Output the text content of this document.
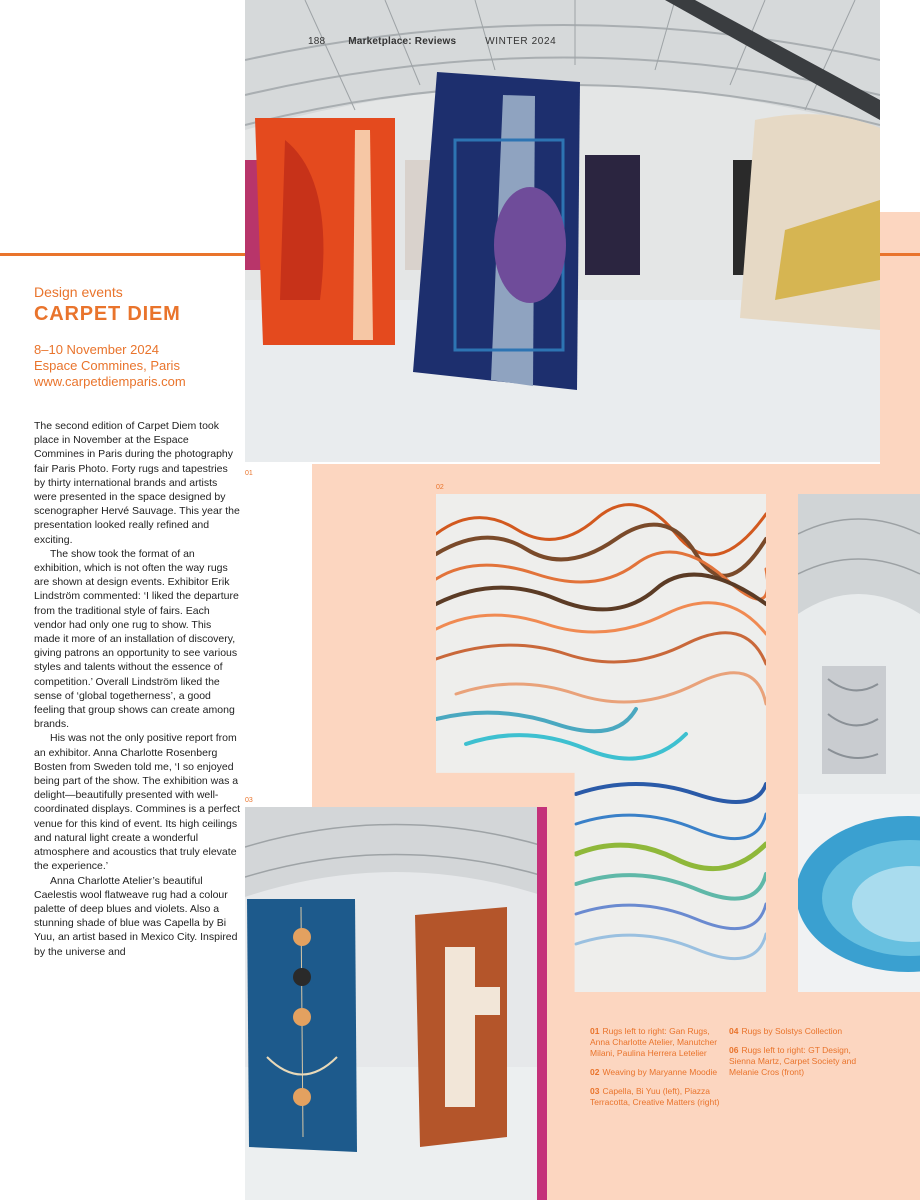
188 Marketplace: Reviews	WINTER 2024
Design events
CARPET DIEM
8–10 November 2024
Espace Commines, Paris
www.carpetdiemparis.com

The second edition of Carpet Diem took place in November at the Espace Commines in Paris during the photography fair Paris Photo. Forty rugs and tapestries by thirty international brands and artists were presented in the space designed by scenographer Hervé Sauvage. This year the presentation looked really refined and exciting.

The show took the format of an exhibition, which is not often the way rugs are shown at design events. Exhibitor Erik Lindström commented: ‘I liked the departure from the traditional style of fairs. Each vendor had only one rug to show. This made it more of an installation of discovery, giving patrons an opportunity to see various styles and talents without the essence of competition.’ Overall Lindström liked the sense of ‘global togetherness’, a good feeling that group shows can create among brands.

His was not the only positive report from an exhibitor. Anna Charlotte Rosenberg Bosten from Sweden told me, ‘I so enjoyed being part of the show. The exhibition was a delight—beautifully presented with well-coordinated displays. Commines is a perfect venue for this kind of event. Its high ceilings and natural light create a wonderful atmosphere and acoustics that truly elevate the experience.’

Anna Charlotte Atelier’s beautiful Caelestis wool flatweave rug had a colour palette of deep blues and violets. Also a stunning shade of blue was Capella by Bi Yuu, an artist based in Mexico City. Inspired by the universe and

01
02
03
01 Rugs left to right: Gan Rugs, Anna Charlotte Atelier, Manutcher Milani, Paulina Herrera Letelier
02 Weaving by Maryanne Moodie
03 Capella, Bi Yuu (left), Piazza Terracotta, Creative Matters (right)
04 Rugs by Solstys Collection
06 Rugs left to right: GT Design, Sienna Martz, Carpet Society and Melanie Cros (front)
